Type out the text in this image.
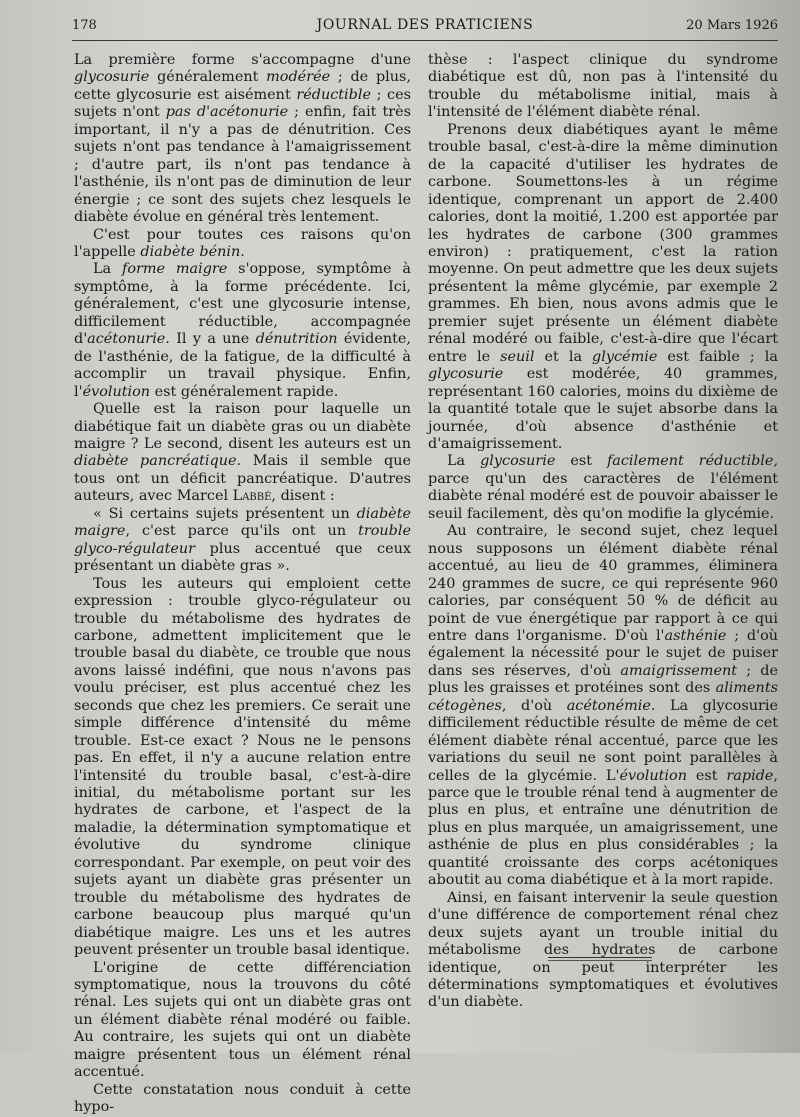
178	JOURNAL DES PRATICIENS	20 Mars 1926

La première forme s'accompagne d'une glycosurie généralement modérée ; de plus, cette glycosurie est aisément réductible ; ces sujets n'ont pas d'acétonurie ; enfin, fait très important, il n'y a pas de dénutrition. Ces sujets n'ont pas tendance à l'amaigrissement ; d'autre part, ils n'ont pas tendance à l'asthénie, ils n'ont pas de diminution de leur énergie ; ce sont des sujets chez lesquels le diabète évolue en général très lentement.

C'est pour toutes ces raisons qu'on l'appelle diabète bénin.

La forme maigre s'oppose, symptôme à symptôme, à la forme précédente. Ici, généralement, c'est une glycosurie intense, difficilement réductible, accompagnée d'acétonurie. Il y a une dénutrition évidente, de l'asthénie, de la fatigue, de la difficulté à accomplir un travail physique. Enfin, l'évolution est généralement rapide.

Quelle est la raison pour laquelle un diabétique fait un diabète gras ou un diabète maigre ? Le second, disent les auteurs est un diabète pancréatique. Mais il semble que tous ont un déficit pancréatique. D'autres auteurs, avec Marcel Labbé, disent :

« Si certains sujets présentent un diabète maigre, c'est parce qu'ils ont un trouble glyco-régulateur plus accentué que ceux présentant un diabète gras ».

Tous les auteurs qui emploient cette expression : trouble glyco-régulateur ou trouble du métabolisme des hydrates de carbone, admettent implicitement que le trouble basal du diabète, ce trouble que nous avons laissé indéfini, que nous n'avons pas voulu préciser, est plus accentué chez les seconds que chez les premiers. Ce serait une simple différence d'intensité du même trouble. Est-ce exact ? Nous ne le pensons pas. En effet, il n'y a aucune relation entre l'intensité du trouble basal, c'est-à-dire initial, du métabolisme portant sur les hydrates de carbone, et l'aspect de la maladie, la détermination symptomatique et évolutive du syndrome clinique correspondant. Par exemple, on peut voir des sujets ayant un diabète gras présenter un trouble du métabolisme des hydrates de carbone beaucoup plus marqué qu'un diabétique maigre. Les uns et les autres peuvent présenter un trouble basal identique.

L'origine de cette différenciation symptomatique, nous la trouvons du côté rénal. Les sujets qui ont un diabète gras ont un élément diabète rénal modéré ou faible. Au contraire, les sujets qui ont un diabète maigre présentent tous un élément rénal accentué.

Cette constatation nous conduit à cette hypo-

thèse : l'aspect clinique du syndrome diabétique est dû, non pas à l'intensité du trouble du métabolisme initial, mais à l'intensité de l'élément diabète rénal.

Prenons deux diabétiques ayant le même trouble basal, c'est-à-dire la même diminution de la capacité d'utiliser les hydrates de carbone. Soumettons-les à un régime identique, comprenant un apport de 2.400 calories, dont la moitié, 1.200 est apportée par les hydrates de carbone (300 grammes environ) : pratiquement, c'est la ration moyenne. On peut admettre que les deux sujets présentent la même glycémie, par exemple 2 grammes. Eh bien, nous avons admis que le premier sujet présente un élément diabète rénal modéré ou faible, c'est-à-dire que l'écart entre le seuil et la glycémie est faible ; la glycosurie est modérée, 40 grammes, représentant 160 calories, moins du dixième de la quantité totale que le sujet absorbe dans la journée, d'où absence d'asthénie et d'amaigrissement.

La glycosurie est facilement réductible, parce qu'un des caractères de l'élément diabète rénal modéré est de pouvoir abaisser le seuil facilement, dès qu'on modifie la glycémie.

Au contraire, le second sujet, chez lequel nous supposons un élément diabète rénal accentué, au lieu de 40 grammes, éliminera 240 grammes de sucre, ce qui représente 960 calories, par conséquent 50 % de déficit au point de vue énergétique par rapport à ce qui entre dans l'organisme. D'où l'asthénie ; d'où également la nécessité pour le sujet de puiser dans ses réserves, d'où amaigrissement ; de plus les graisses et protéines sont des aliments cétogènes, d'où acétonémie. La glycosurie difficilement réductible résulte de même de cet élément diabète rénal accentué, parce que les variations du seuil ne sont point parallèles à celles de la glycémie. L'évolution est rapide, parce que le trouble rénal tend à augmenter de plus en plus, et entraîne une dénutrition de plus en plus marquée, un amaigrissement, une asthénie de plus en plus considérables ; la quantité croissante des corps acétoniques aboutit au coma diabétique et à la mort rapide.

Ainsi, en faisant intervenir la seule question d'une différence de comportement rénal chez deux sujets ayant un trouble initial du métabolisme des hydrates de carbone identique, on peut interpréter les déterminations symptomatiques et évolutives d'un diabète.
